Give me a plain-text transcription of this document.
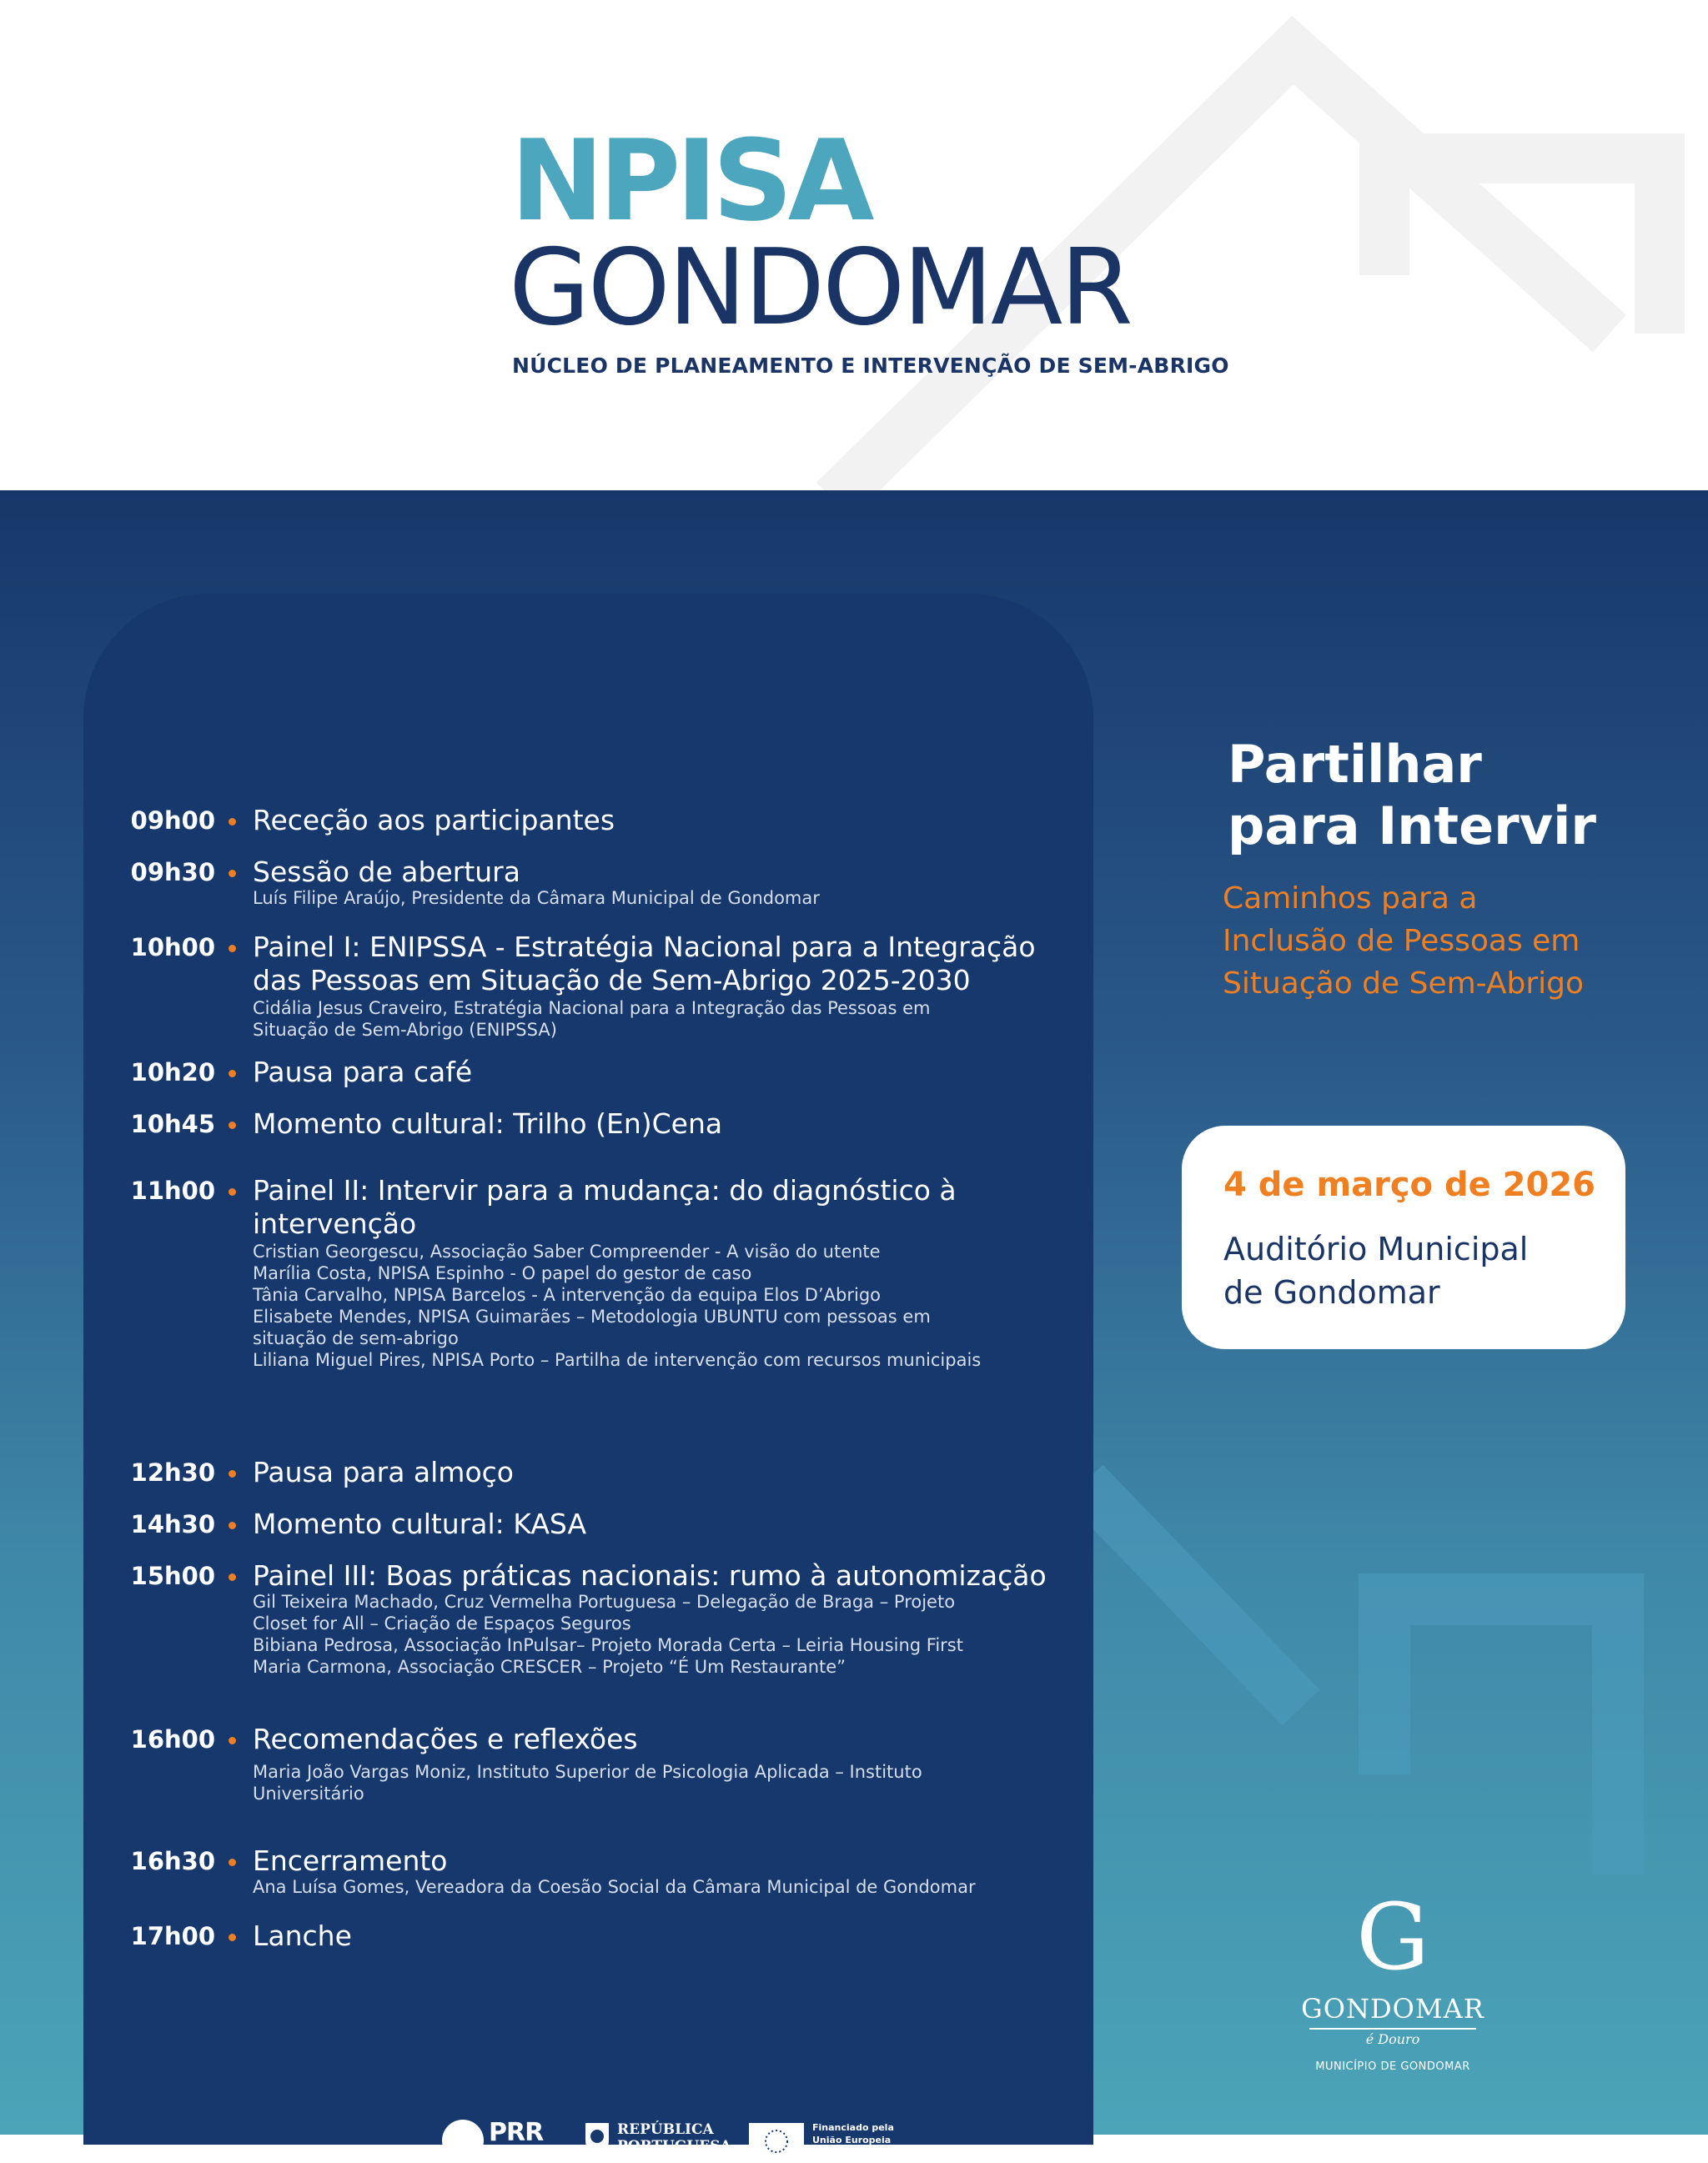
NPISA
GONDOMAR
NÚCLEO DE PLANEAMENTO E INTERVENÇÃO DE SEM-ABRIGO
09h00 Receção aos participantes
09h30 Sessão de abertura
Luís Filipe Araújo, Presidente da Câmara Municipal de Gondomar
10h00 Painel I: ENIPSSA - Estratégia Nacional para a Integração
das Pessoas em Situação de Sem-Abrigo 2025-2030
Cidália Jesus Craveiro, Estratégia Nacional para a Integração das Pessoas em
Situação de Sem-Abrigo (ENIPSSA)
10h20 Pausa para café
10h45 Momento cultural: Trilho (En)Cena
11h00 Painel II: Intervir para a mudança: do diagnóstico à
intervenção
Cristian Georgescu, Associação Saber Compreender - A visão do utente
Marília Costa, NPISA Espinho - O papel do gestor de caso
Tânia Carvalho, NPISA Barcelos - A intervenção da equipa Elos D’Abrigo
Elisabete Mendes, NPISA Guimarães – Metodologia UBUNTU com pessoas em
situação de sem-abrigo
Liliana Miguel Pires, NPISA Porto – Partilha de intervenção com recursos municipais
12h30 Pausa para almoço
14h30 Momento cultural: KASA
15h00 Painel III: Boas práticas nacionais: rumo à autonomização
Gil Teixeira Machado, Cruz Vermelha Portuguesa – Delegação de Braga – Projeto
Closet for All – Criação de Espaços Seguros
Bibiana Pedrosa, Associação InPulsar– Projeto Morada Certa – Leiria Housing First
Maria Carmona, Associação CRESCER – Projeto “É Um Restaurante”
16h00 Recomendações e reflexões
Maria João Vargas Moniz, Instituto Superior de Psicologia Aplicada – Instituto
Universitário
16h30 Encerramento
Ana Luísa Gomes, Vereadora da Coesão Social da Câmara Municipal de Gondomar
17h00 Lanche
PRR
Plano de Recuperação e Resiliência
REPÚBLICA
PORTUGUESA
Financiado pela
União Europeia
NextGenerationEU
Partilhar
para Intervir
Caminhos para a
Inclusão de Pessoas em
Situação de Sem-Abrigo
4 de março de 2026
Auditório Municipal
de Gondomar
G
GONDOMAR
é Douro
MUNICÍPIO DE GONDOMAR
